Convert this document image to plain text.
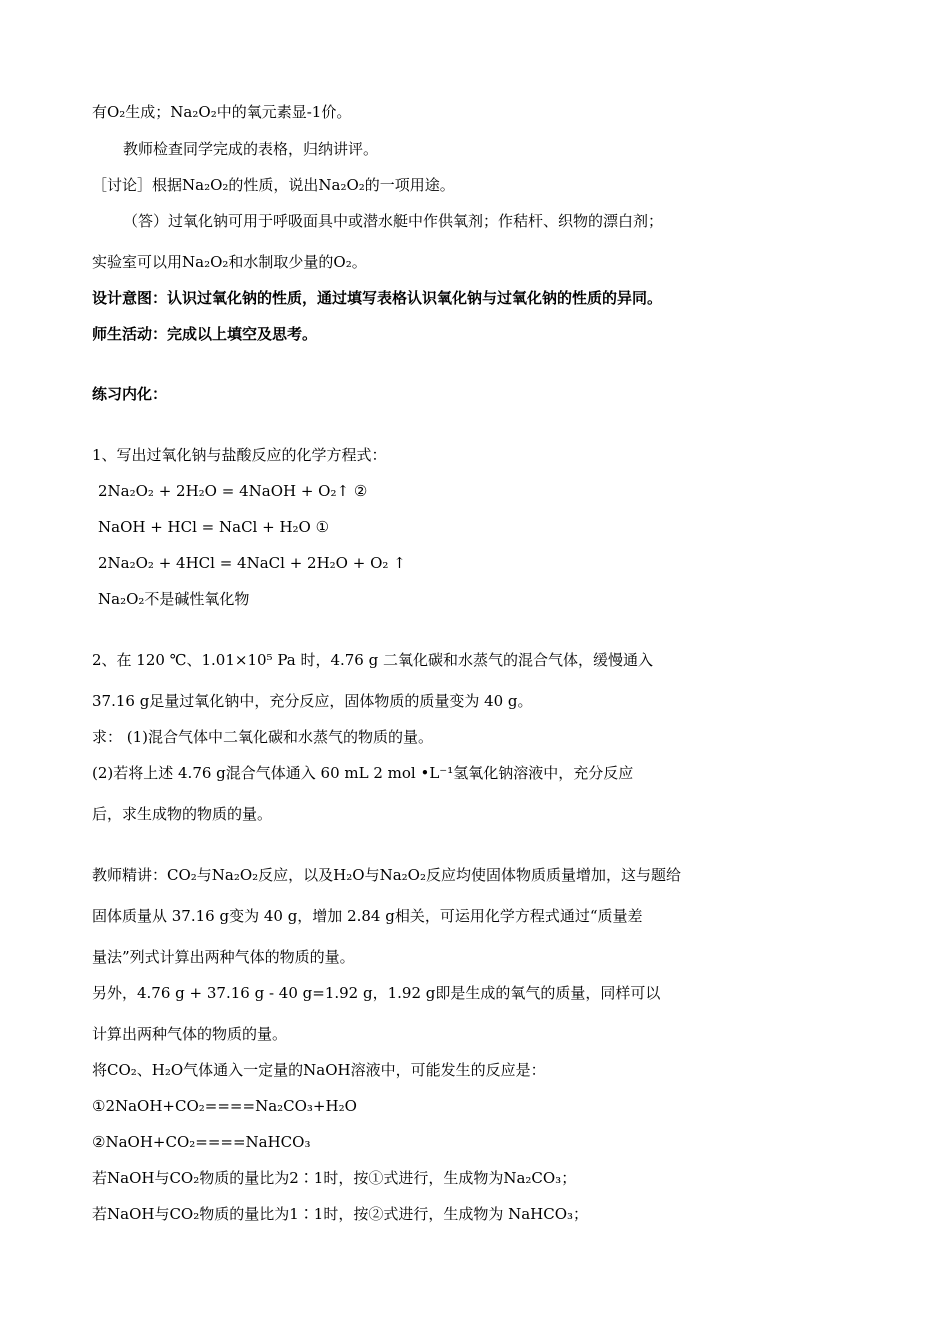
有O₂生成；Na₂O₂中的氧元素显-1价。
教师检查同学完成的表格，归纳讲评。
［讨论］根据Na₂O₂的性质，说出Na₂O₂的一项用途。
（答）过氧化钠可用于呼吸面具中或潜水艇中作供氧剂；作秸杆、织物的漂白剂；
实验室可以用Na₂O₂和水制取少量的O₂。
设计意图：认识过氧化钠的性质，通过填写表格认识氧化钠与过氧化钠的性质的异同。
师生活动：完成以上填空及思考。
练习内化：
1、写出过氧化钠与盐酸反应的化学方程式：
2Na₂O₂ + 2H₂O = 4NaOH + O₂↑ ②
NaOH + HCl = NaCl + H₂O ①
2Na₂O₂ + 4HCl = 4NaCl + 2H₂O + O₂ ↑
Na₂O₂不是碱性氧化物
2、在 120 ℃、1.01×10⁵ Pa 时，4.76 g 二氧化碳和水蒸气的混合气体，缓慢通入
37.16 g足量过氧化钠中，充分反应，固体物质的质量变为 40 g。
求： (1)混合气体中二氧化碳和水蒸气的物质的量。
(2)若将上述 4.76 g混合气体通入 60 mL 2 mol •L⁻¹氢氧化钠溶液中，充分反应
后，求生成物的物质的量。
教师精讲：CO₂与Na₂O₂反应，以及H₂O与Na₂O₂反应均使固体物质质量增加，这与题给
固体质量从 37.16 g变为 40 g，增加 2.84 g相关，可运用化学方程式通过“质量差
量法”列式计算出两种气体的物质的量。
另外，4.76 g + 37.16 g - 40 g=1.92 g，1.92 g即是生成的氧气的质量，同样可以
计算出两种气体的物质的量。
将CO₂、H₂O气体通入一定量的NaOH溶液中，可能发生的反应是：
①2NaOH+CO₂====Na₂CO₃+H₂O
②NaOH+CO₂====NaHCO₃
若NaOH与CO₂物质的量比为2∶1时，按①式进行，生成物为Na₂CO₃；
若NaOH与CO₂物质的量比为1∶1时，按②式进行，生成物为 NaHCO₃；
